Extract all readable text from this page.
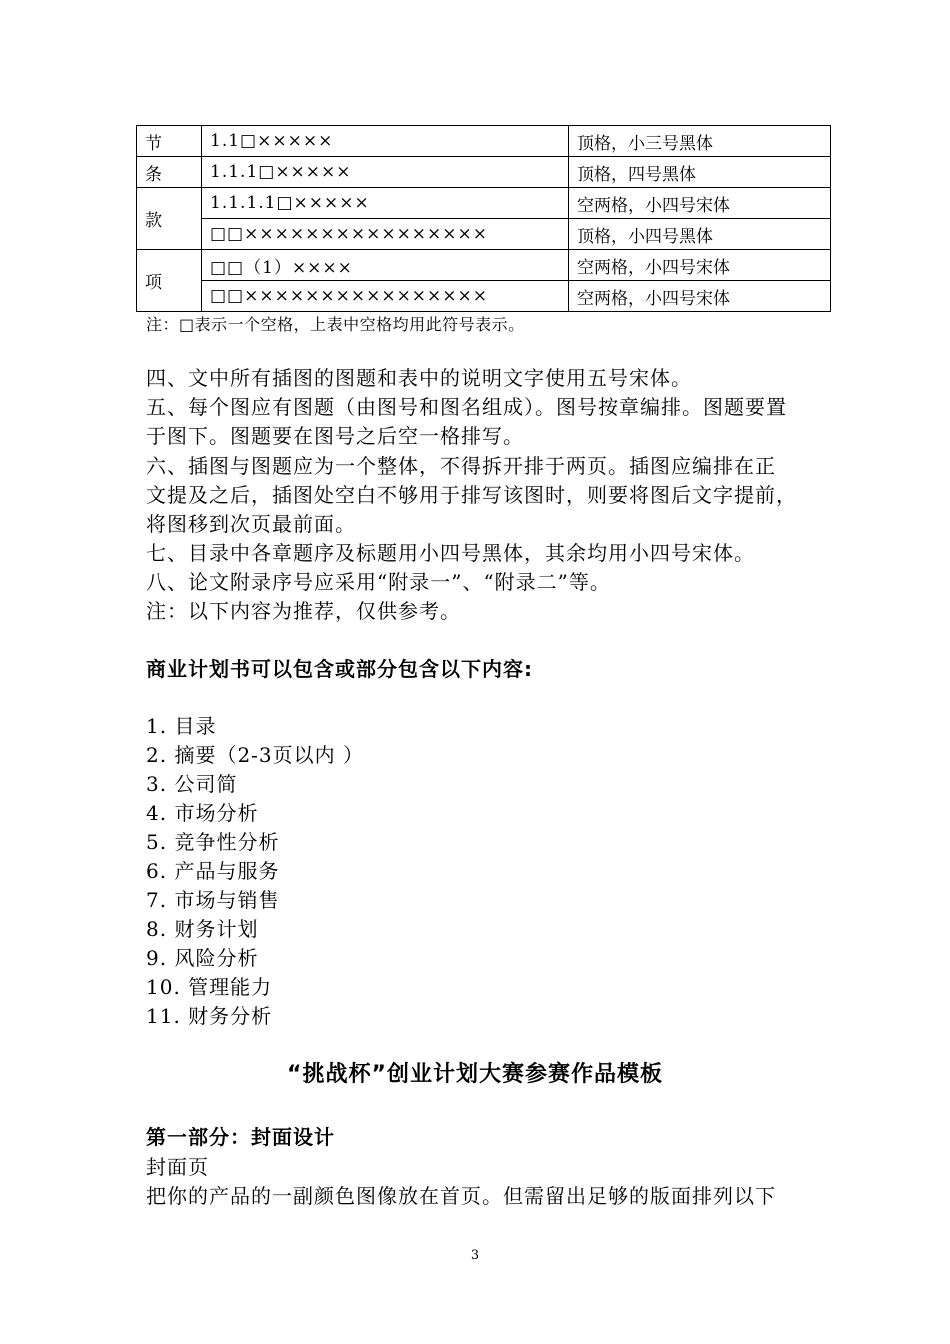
节	1.1□×××××	顶格，小三号黑体
条	1.1.1□×××××	顶格，四号黑体
款	1.1.1.1□×××××	空两格，小四号宋体
	□□××××××××××××××××	顶格，小四号黑体
项	□□（1）××××	空两格，小四号宋体
	□□××××××××××××××××	空两格，小四号宋体
注：□表示一个空格，上表中空格均用此符号表示。
四、文中所有插图的图题和表中的说明文字使用五号宋体。
五、每个图应有图题（由图号和图名组成）。图号按章编排。图题要置
于图下。图题要在图号之后空一格排写。
六、插图与图题应为一个整体，不得拆开排于两页。插图应编排在正
文提及之后，插图处空白不够用于排写该图时，则要将图后文字提前，
将图移到次页最前面。
七、目录中各章题序及标题用小四号黑体，其余均用小四号宋体。
八、论文附录序号应采用“附录一”、“附录二”等。
注：以下内容为推荐，仅供参考。
商业计划书可以包含或部分包含以下内容:
1. 目录
2. 摘要（2-3页以内 ）
3. 公司简
4. 市场分析
5. 竞争性分析
6. 产品与服务
7. 市场与销售
8. 财务计划
9. 风险分析
10. 管理能力
11. 财务分析
“挑战杯”创业计划大赛参赛作品模板
第一部分：封面设计
封面页
把你的产品的一副颜色图像放在首页。但需留出足够的版面排列以下
3
